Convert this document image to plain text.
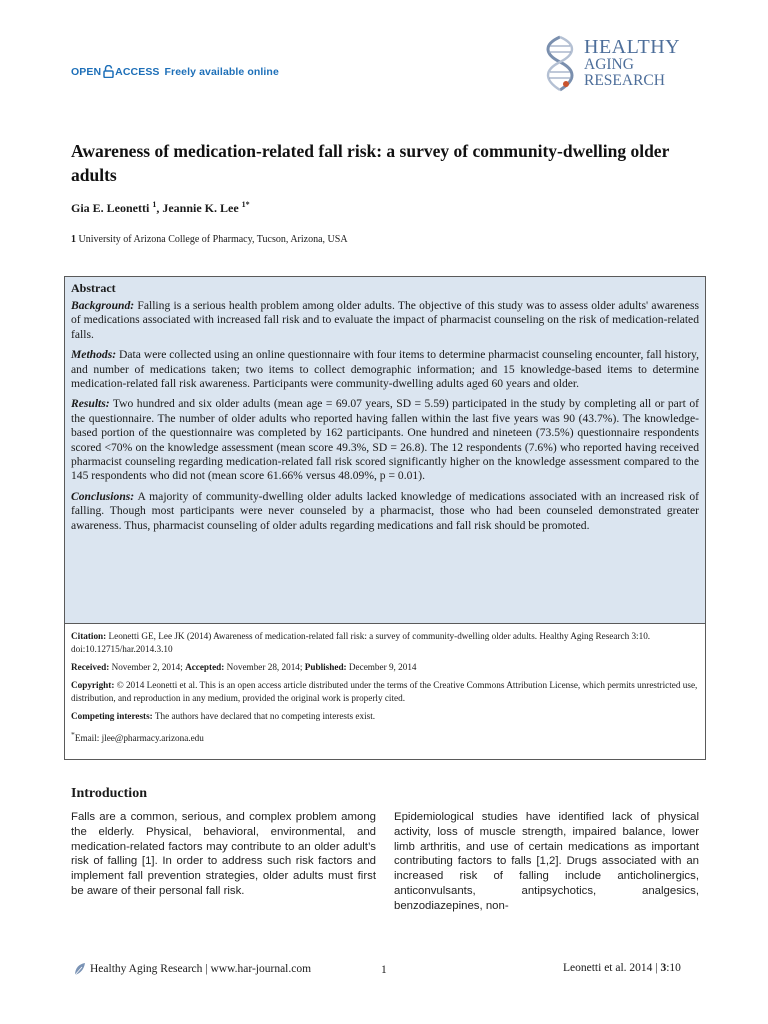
OPEN ACCESS Freely available online
HEALTHY
AGING
RESEARCH
Awareness of medication-related fall risk: a survey of community-dwelling older adults
Gia E. Leonetti $^1$, Jeannie K. Lee $^{1*}$
1 University of Arizona College of Pharmacy, Tucson, Arizona, USA
Abstract

Background: Falling is a serious health problem among older adults. The objective of this study was to assess older adults' awareness of medications associated with increased fall risk and to evaluate the impact of pharmacist counseling on the risk of medication-related falls.

Methods: Data were collected using an online questionnaire with four items to determine pharmacist counseling encounter, fall history, and number of medications taken; two items to collect demographic information; and 15 knowledge-based items to determine medication-related fall risk awareness. Participants were community-dwelling adults aged 60 years and older.

Results: Two hundred and six older adults (mean age = 69.07 years, SD = 5.59) participated in the study by completing all or part of the questionnaire. The number of older adults who reported having fallen within the last five years was 90 (43.7%). The knowledge-based portion of the questionnaire was completed by 162 participants. One hundred and nineteen (73.5%) questionnaire respondents scored <70% on the knowledge assessment (mean score 49.3%, SD = 26.8). The 12 respondents (7.6%) who reported having received pharmacist counseling regarding medication-related fall risk scored significantly higher on the knowledge assessment compared to the 145 respondents who did not (mean score 61.66% versus 48.09%, p = 0.01).

Conclusions: A majority of community-dwelling older adults lacked knowledge of medications associated with an increased risk of falling. Though most participants were never counseled by a pharmacist, those who had been counseled demonstrated greater awareness. Thus, pharmacist counseling of older adults regarding medications and fall risk should be promoted.

Citation: Leonetti GE, Lee JK (2014) Awareness of medication-related fall risk: a survey of community-dwelling older adults. Healthy Aging Research 3:10. doi:10.12715/har.2014.3.10

Received: November 2, 2014; Accepted: November 28, 2014; Published: December 9, 2014

Copyright: © 2014 Leonetti et al. This is an open access article distributed under the terms of the Creative Commons Attribution License, which permits unrestricted use, distribution, and reproduction in any medium, provided the original work is properly cited.

Competing interests: The authors have declared that no competing interests exist.

*Email: jlee@pharmacy.arizona.edu

Introduction

Falls are a common, serious, and complex problem among the elderly. Physical, behavioral, environmental, and medication-related factors may contribute to an older adult’s risk of falling [1]. In order to address such risk factors and implement fall prevention strategies, older adults must first be aware of their personal fall risk.

Epidemiological studies have identified lack of physical activity, loss of muscle strength, impaired balance, lower limb arthritis, and use of certain medications as important contributing factors to falls [1,2]. Drugs associated with an increased risk of falling include anticholinergics, anticonvulsants, antipsychotics, analgesics, benzodiazepines, non-

Healthy Aging Research | www.har-journal.com	1	Leonetti et al. 2014 | 3:10
